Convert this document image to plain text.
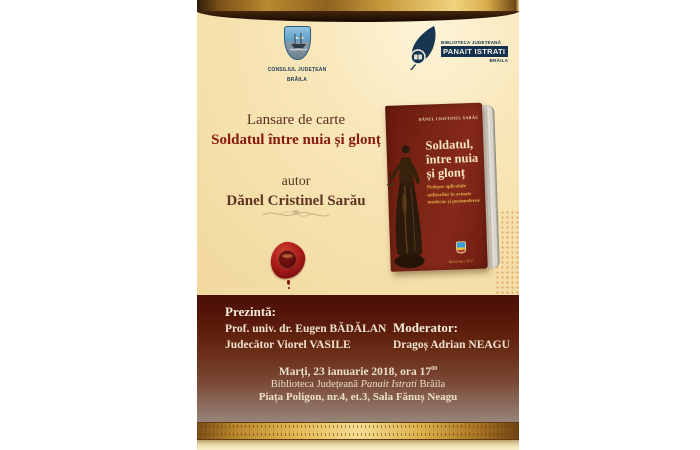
CONSILIUL JUDEȚEAN
BRĂILA
BIBLIOTECA JUDEȚEANĂ
PANAIT ISTRATI
BRĂILA
Lansare de carte
Soldatul între nuia și glonț
autor
Dănel Cristinel Sarău
DĂNEL CRISTINEL SARĂU
Soldatul,
între nuia
și glonț
Pedepse aplicabile
militarilor în armate
moderne și postmoderne
București 2017
Prezintă:
Prof. univ. dr. Eugen BĂDĂLAN
Judecător Viorel VASILE
Moderator:
Dragoș Adrian NEAGU
Marți, 23 ianuarie 2018, ora $17^{00}$
Biblioteca Județeană Panait Istrati Brăila
Piața Poligon, nr.4, et.3, Sala Fănuș Neagu
